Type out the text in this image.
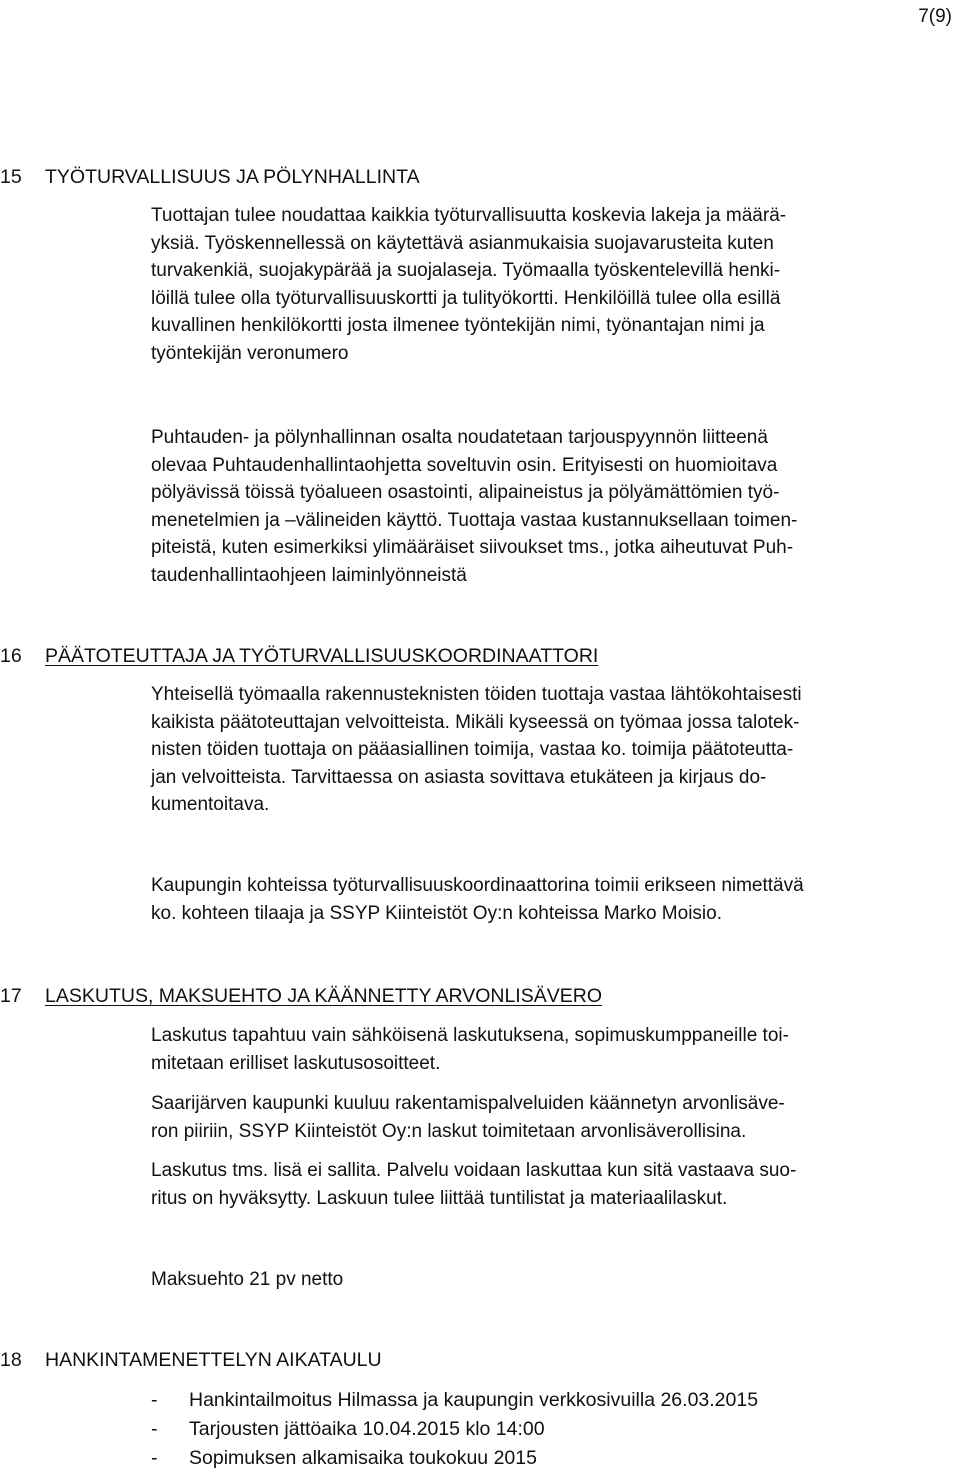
7(9)
15 TYÖTURVALLISUUS JA PÖLYNHALLINTA

Tuottajan tulee noudattaa kaikkia työturvallisuutta koskevia lakeja ja määrä-
yksiä. Työskennellessä on käytettävä asianmukaisia suojavarusteita kuten
turvakenkiä, suojakypärää ja suojalaseja. Työmaalla työskentelevillä henki-
löillä tulee olla työturvallisuuskortti ja tulityökortti. Henkilöillä tulee olla esillä
kuvallinen henkilökortti josta ilmenee työntekijän nimi, työnantajan nimi ja
työntekijän veronumero

Puhtauden- ja pölynhallinnan osalta noudatetaan tarjouspyynnön liitteenä
olevaa Puhtaudenhallintaohjetta soveltuvin osin. Erityisesti on huomioitava
pölyävissä töissä työalueen osastointi, alipaineistus ja pölyämättömien työ-
menetelmien ja –välineiden käyttö. Tuottaja vastaa kustannuksellaan toimen-
piteistä, kuten esimerkiksi ylimääräiset siivoukset tms., jotka aiheutuvat Puh-
taudenhallintaohjeen laiminlyönneistä

16 PÄÄTOTEUTTAJA JA TYÖTURVALLISUUSKOORDINAATTORI

Yhteisellä työmaalla rakennusteknisten töiden tuottaja vastaa lähtökohtaisesti
kaikista päätoteuttajan velvoitteista. Mikäli kyseessä on työmaa jossa talotek-
nisten töiden tuottaja on pääasiallinen toimija, vastaa ko. toimija päätoteutta-
jan velvoitteista. Tarvittaessa on asiasta sovittava etukäteen ja kirjaus do-
kumentoitava.

Kaupungin kohteissa työturvallisuuskoordinaattorina toimii erikseen nimettävä
ko. kohteen tilaaja ja SSYP Kiinteistöt Oy:n kohteissa Marko Moisio.

17 LASKUTUS, MAKSUEHTO JA KÄÄNNETTY ARVONLISÄVERO

Laskutus tapahtuu vain sähköisenä laskutuksena, sopimuskumppaneille toi-
mitetaan erilliset laskutusosoitteet.

Saarijärven kaupunki kuuluu rakentamispalveluiden käännetyn arvonlisäve-
ron piiriin, SSYP Kiinteistöt Oy:n laskut toimitetaan arvonlisäverollisina.

Laskutus tms. lisä ei sallita. Palvelu voidaan laskuttaa kun sitä vastaava suo-
ritus on hyväksytty. Laskuun tulee liittää tuntilistat ja materiaalilaskut.

Maksuehto 21 pv netto

18 HANKINTAMENETTELYN AIKATAULU
- Hankintailmoitus Hilmassa ja kaupungin verkkosivuilla 26.03.2015
- Tarjousten jättöaika 10.04.2015 klo 14:00
- Sopimuksen alkamisaika toukokuu 2015
